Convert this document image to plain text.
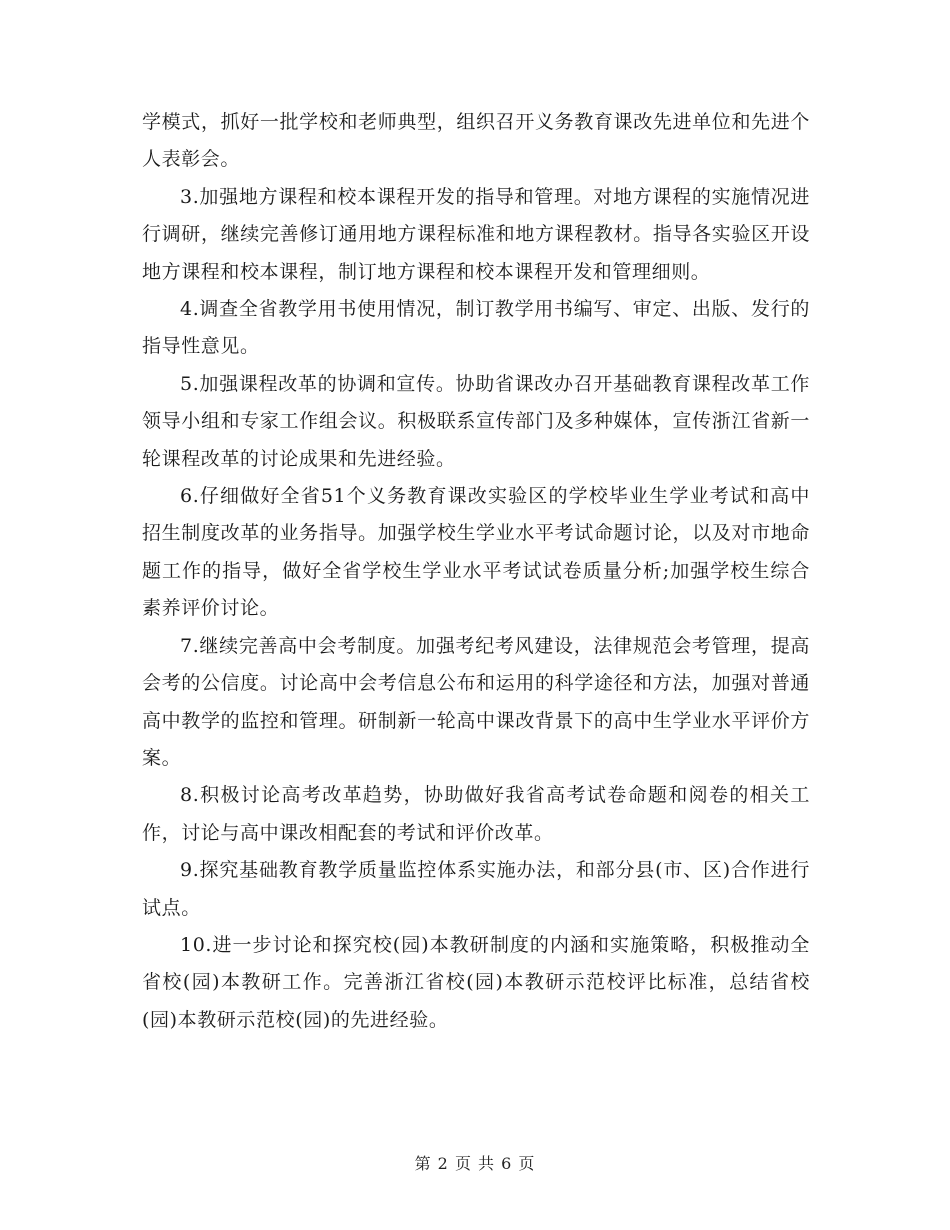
学模式，抓好一批学校和老师典型，组织召开义务教育课改先进单位和先进个人表彰会。

3.加强地方课程和校本课程开发的指导和管理。对地方课程的实施情况进行调研，继续完善修订通用地方课程标准和地方课程教材。指导各实验区开设地方课程和校本课程，制订地方课程和校本课程开发和管理细则。

4.调查全省教学用书使用情况，制订教学用书编写、审定、出版、发行的指导性意见。

5.加强课程改革的协调和宣传。协助省课改办召开基础教育课程改革工作领导小组和专家工作组会议。积极联系宣传部门及多种媒体，宣传浙江省新一轮课程改革的讨论成果和先进经验。

6.仔细做好全省51个义务教育课改实验区的学校毕业生学业考试和高中招生制度改革的业务指导。加强学校生学业水平考试命题讨论，以及对市地命题工作的指导，做好全省学校生学业水平考试试卷质量分析;加强学校生综合素养评价讨论。

7.继续完善高中会考制度。加强考纪考风建设，法律规范会考管理，提高会考的公信度。讨论高中会考信息公布和运用的科学途径和方法，加强对普通高中教学的监控和管理。研制新一轮高中课改背景下的高中生学业水平评价方案。

8.积极讨论高考改革趋势，协助做好我省高考试卷命题和阅卷的相关工作，讨论与高中课改相配套的考试和评价改革。

9.探究基础教育教学质量监控体系实施办法，和部分县(市、区)合作进行试点。

10.进一步讨论和探究校(园)本教研制度的内涵和实施策略，积极推动全省校(园)本教研工作。完善浙江省校(园)本教研示范校评比标准，总结省校(园)本教研示范校(园)的先进经验。

第 2 页 共 6 页
